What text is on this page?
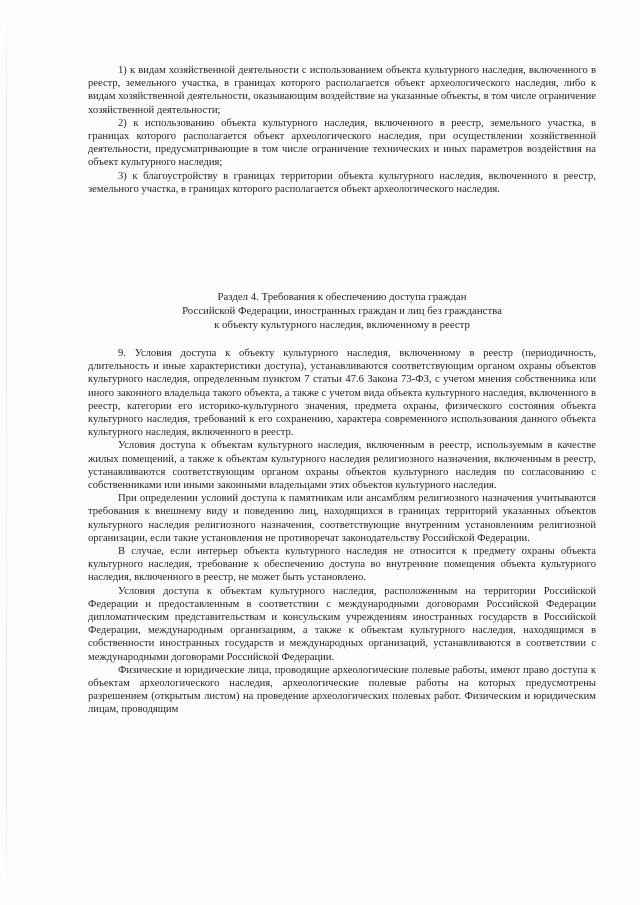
1) к видам хозяйственной деятельности с использованием объекта культурного наследия, включенного в реестр, земельного участка, в границах которого располагается объект археологического наследия, либо к видам хозяйственной деятельности, оказывающим воздействие на указанные объекты, в том числе ограничение хозяйственной деятельности;

2) к использованию объекта культурного наследия, включенного в реестр, земельного участка, в границах которого располагается объект археологического наследия, при осуществлении хозяйственной деятельности, предусматривающие в том числе ограничение технических и иных параметров воздействия на объект культурного наследия;

3) к благоустройству в границах территории объекта культурного наследия, включенного в реестр, земельного участка, в границах которого располагается объект археологического наследия.

Раздел 4. Требования к обеспечению доступа граждан
Российской Федерации, иностранных граждан и лиц без гражданства
к объекту культурного наследия, включенному в реестр

9. Условия доступа к объекту культурного наследия, включенному в реестр (периодичность, длительность и иные характеристики доступа), устанавливаются соответствующим органом охраны объектов культурного наследия, определенным пунктом 7 статьи 47.6 Закона 73-ФЗ, с учетом мнения собственника или иного законного владельца такого объекта, а также с учетом вида объекта культурного наследия, включенного в реестр, категории его историко-культурного значения, предмета охраны, физического состояния объекта культурного наследия, требований к его сохранению, характера современного использования данного объекта культурного наследия, включенного в реестр.

Условия доступа к объектам культурного наследия, включенным в реестр, используемым в качестве жилых помещений, а также к объектам культурного наследия религиозного назначения, включенным в реестр, устанавливаются соответствующим органом охраны объектов культурного наследия по согласованию с собственниками или иными законными владельцами этих объектов культурного наследия.

При определении условий доступа к памятникам или ансамблям религиозного назначения учитываются требования к внешнему виду и поведению лиц, находящихся в границах территорий указанных объектов культурного наследия религиозного назначения, соответствующие внутренним установлениям религиозной организации, если такие установления не противоречат законодательству Российской Федерации.

В случае, если интерьер объекта культурного наследия не относится к предмету охраны объекта культурного наследия, требование к обеспечению доступа во внутренние помещения объекта культурного наследия, включенного в реестр, не может быть установлено.

Условия доступа к объектам культурного наследия, расположенным на территории Российской Федерации и предоставленным в соответствии с международными договорами Российской Федерации дипломатическим представительствам и консульским учреждениям иностранных государств в Российской Федерации, международным организациям, а также к объектам культурного наследия, находящимся в собственности иностранных государств и международных организаций, устанавливаются в соответствии с международными договорами Российской Федерации.

Физические и юридические лица, проводящие археологические полевые работы, имеют право доступа к объектам археологического наследия, археологические полевые работы на которых предусмотрены разрешением (открытым листом) на проведение археологических полевых работ. Физическим и юридическим лицам, проводящим
